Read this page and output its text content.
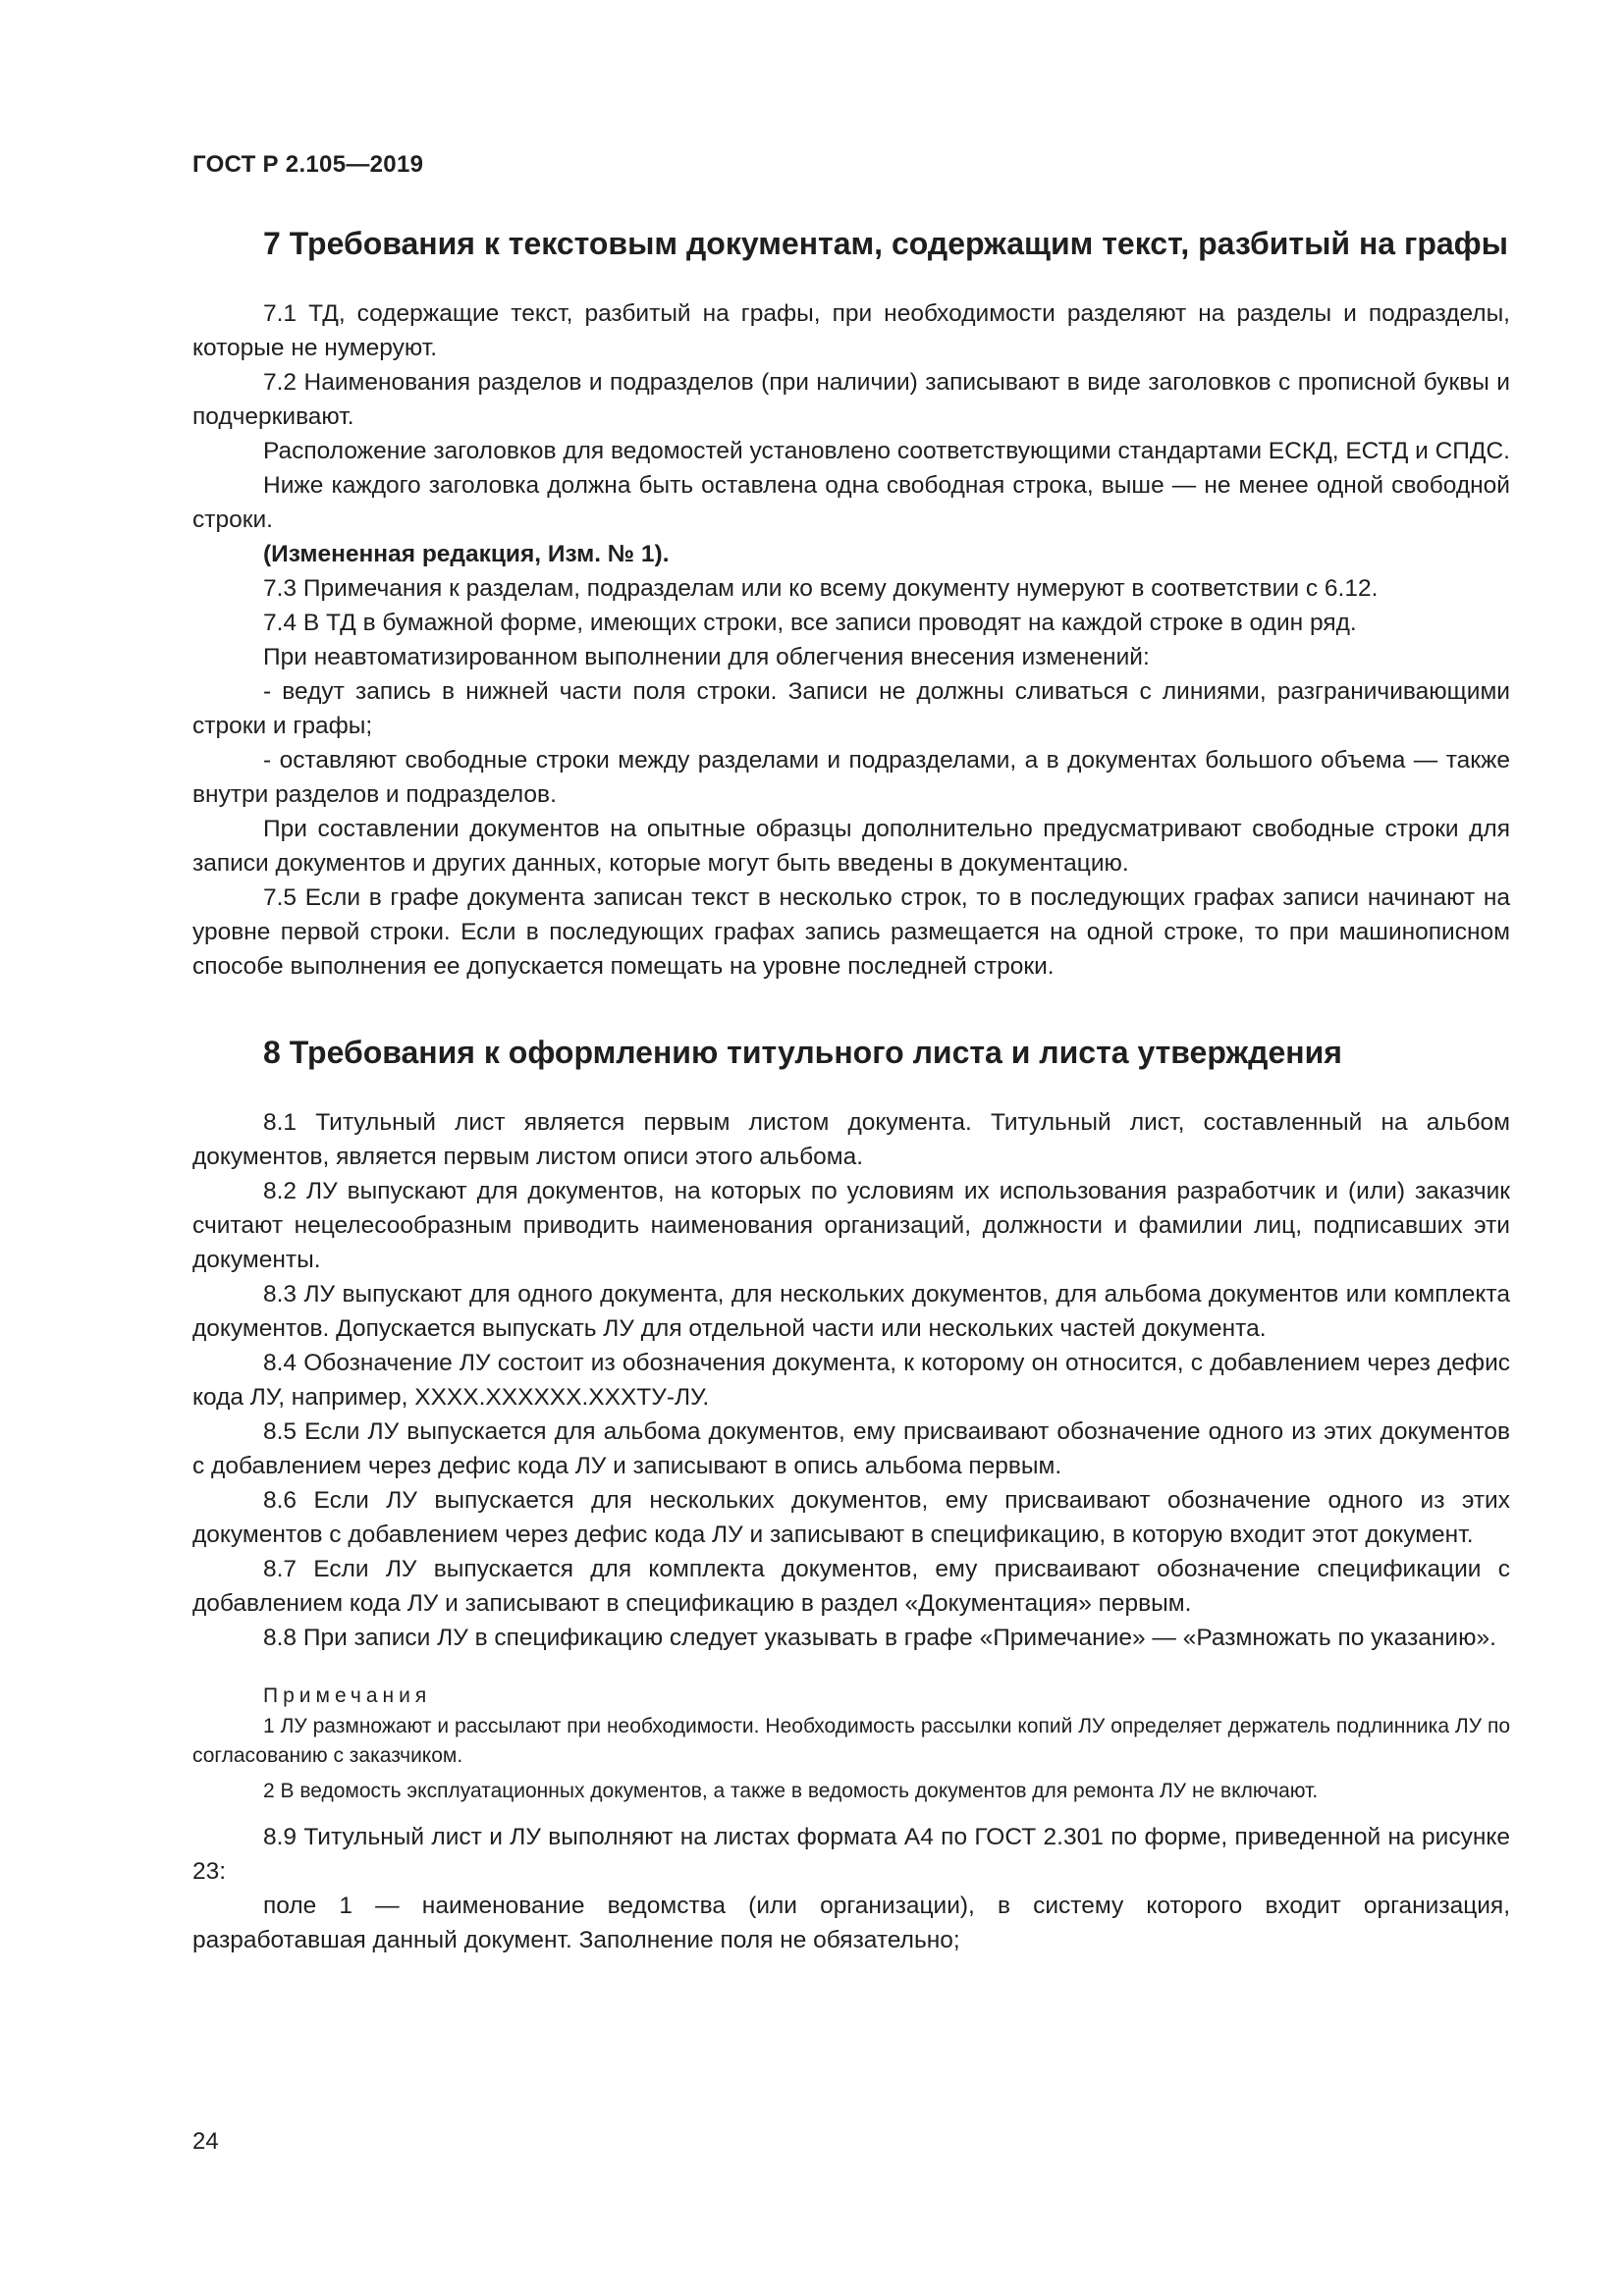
ГОСТ Р 2.105—2019
7 Требования к текстовым документам, содержащим текст, разбитый на графы

7.1 ТД, содержащие текст, разбитый на графы, при необходимости разделяют на разделы и подразделы, которые не нумеруют.

7.2 Наименования разделов и подразделов (при наличии) записывают в виде заголовков с прописной буквы и подчеркивают.

Расположение заголовков для ведомостей установлено соответствующими стандартами ЕСКД, ЕСТД и СПДС.

Ниже каждого заголовка должна быть оставлена одна свободная строка, выше — не менее одной свободной строки.

(Измененная редакция, Изм. № 1).

7.3 Примечания к разделам, подразделам или ко всему документу нумеруют в соответствии с 6.12.

7.4 В ТД в бумажной форме, имеющих строки, все записи проводят на каждой строке в один ряд.

При неавтоматизированном выполнении для облегчения внесения изменений:

- ведут запись в нижней части поля строки. Записи не должны сливаться с линиями, разграничивающими строки и графы;

- оставляют свободные строки между разделами и подразделами, а в документах большого объема — также внутри разделов и подразделов.

При составлении документов на опытные образцы дополнительно предусматривают свободные строки для записи документов и других данных, которые могут быть введены в документацию.

7.5 Если в графе документа записан текст в несколько строк, то в последующих графах записи начинают на уровне первой строки. Если в последующих графах запись размещается на одной строке, то при машинописном способе выполнения ее допускается помещать на уровне последней строки.

8 Требования к оформлению титульного листа и листа утверждения

8.1 Титульный лист является первым листом документа. Титульный лист, составленный на альбом документов, является первым листом описи этого альбома.

8.2 ЛУ выпускают для документов, на которых по условиям их использования разработчик и (или) заказчик считают нецелесообразным приводить наименования организаций, должности и фамилии лиц, подписавших эти документы.

8.3 ЛУ выпускают для одного документа, для нескольких документов, для альбома документов или комплекта документов. Допускается выпускать ЛУ для отдельной части или нескольких частей документа.

8.4 Обозначение ЛУ состоит из обозначения документа, к которому он относится, с добавлением через дефис кода ЛУ, например, XXXX.XXXXXX.XXXТУ-ЛУ.

8.5 Если ЛУ выпускается для альбома документов, ему присваивают обозначение одного из этих документов с добавлением через дефис кода ЛУ и записывают в опись альбома первым.

8.6 Если ЛУ выпускается для нескольких документов, ему присваивают обозначение одного из этих документов с добавлением через дефис кода ЛУ и записывают в спецификацию, в которую входит этот документ.

8.7 Если ЛУ выпускается для комплекта документов, ему присваивают обозначение спецификации с добавлением кода ЛУ и записывают в спецификацию в раздел «Документация» первым.

8.8 При записи ЛУ в спецификацию следует указывать в графе «Примечание» — «Размножать по указанию».

Примечания

1 ЛУ размножают и рассылают при необходимости. Необходимость рассылки копий ЛУ определяет держатель подлинника ЛУ по согласованию с заказчиком.

2 В ведомость эксплуатационных документов, а также в ведомость документов для ремонта ЛУ не включают.

8.9 Титульный лист и ЛУ выполняют на листах формата А4 по ГОСТ 2.301 по форме, приведенной на рисунке 23:

поле 1 — наименование ведомства (или организации), в систему которого входит организация, разработавшая данный документ. Заполнение поля не обязательно;

24
